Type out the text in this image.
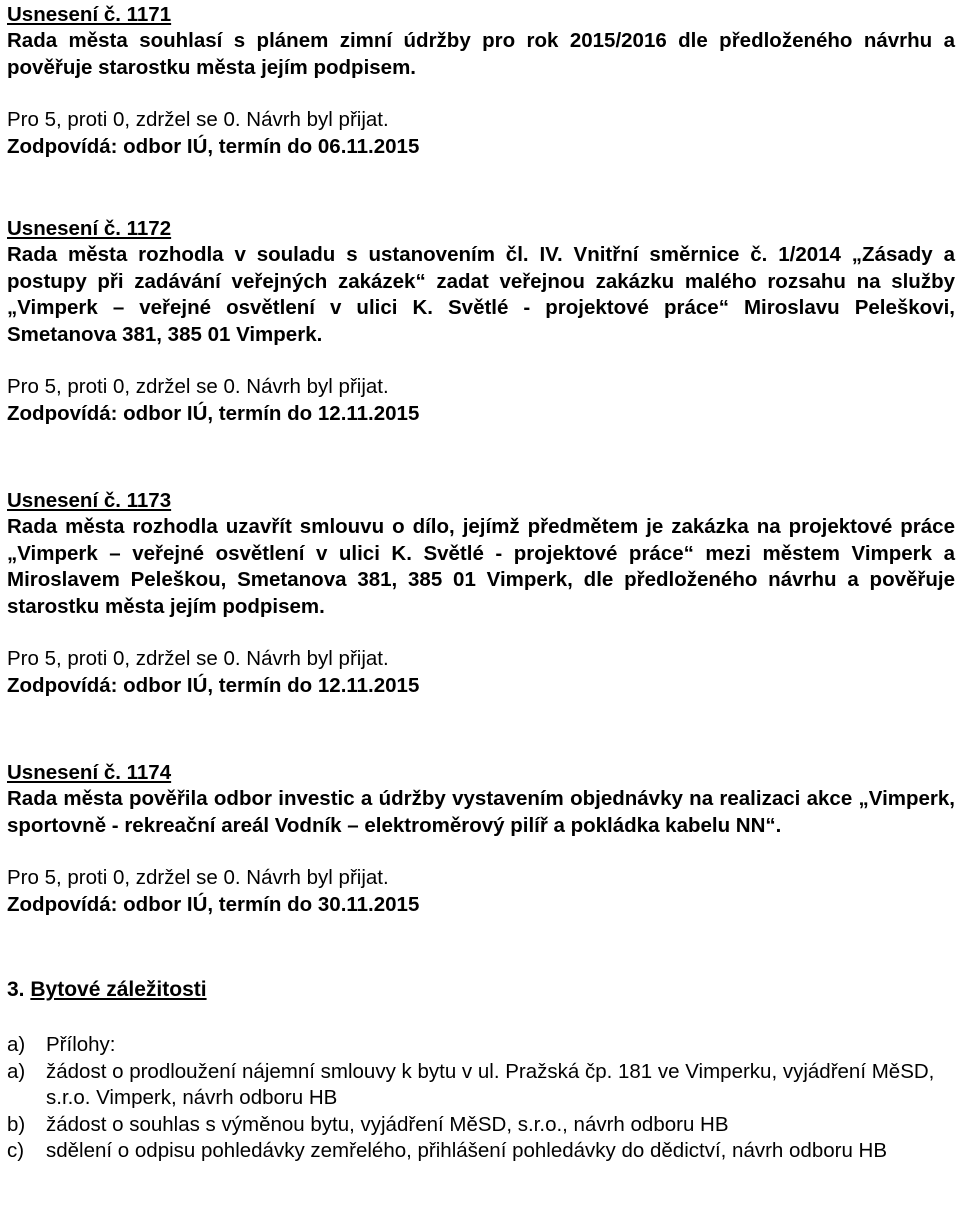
Usnesení č. 1171

Rada města souhlasí s plánem zimní údržby pro rok 2015/2016 dle předloženého návrhu a pověřuje starostku města jejím podpisem.

Pro 5, proti 0, zdržel se 0. Návrh byl přijat.

Zodpovídá: odbor IÚ, termín do 06.11.2015

Usnesení č. 1172

Rada města rozhodla v souladu s ustanovením čl. IV. Vnitřní směrnice č. 1/2014 „Zásady a postupy při zadávání veřejných zakázek“ zadat veřejnou zakázku malého rozsahu na služby „Vimperk – veřejné osvětlení v ulici K. Světlé - projektové práce“ Miroslavu Peleškovi, Smetanova 381, 385 01 Vimperk.

Pro 5, proti 0, zdržel se 0. Návrh byl přijat.

Zodpovídá: odbor IÚ, termín do 12.11.2015

Usnesení č. 1173

Rada města rozhodla uzavřít smlouvu o dílo, jejímž předmětem je zakázka na projektové práce „Vimperk – veřejné osvětlení v ulici K. Světlé - projektové práce“ mezi městem Vimperk a Miroslavem Peleškou, Smetanova 381, 385 01 Vimperk, dle předloženého návrhu a pověřuje starostku města jejím podpisem.

Pro 5, proti 0, zdržel se 0. Návrh byl přijat.

Zodpovídá: odbor IÚ, termín do 12.11.2015

Usnesení č. 1174

Rada města pověřila odbor investic a údržby vystavením objednávky na realizaci akce „Vimperk, sportovně - rekreační areál Vodník – elektroměrový pilíř a pokládka kabelu NN“.

Pro 5, proti 0, zdržel se 0. Návrh byl přijat.

Zodpovídá: odbor IÚ, termín do 30.11.2015

3. Bytové záležitosti

a)	Přílohy:
a)	žádost o prodloužení nájemní smlouvy k bytu v ul. Pražská čp. 181 ve Vimperku, vyjádření MěSD, s.r.o. Vimperk, návrh odboru HB
b)	žádost o souhlas s výměnou bytu, vyjádření MěSD, s.r.o., návrh odboru HB
c)	sdělení o odpisu pohledávky zemřelého, přihlášení pohledávky do dědictví, návrh odboru HB
